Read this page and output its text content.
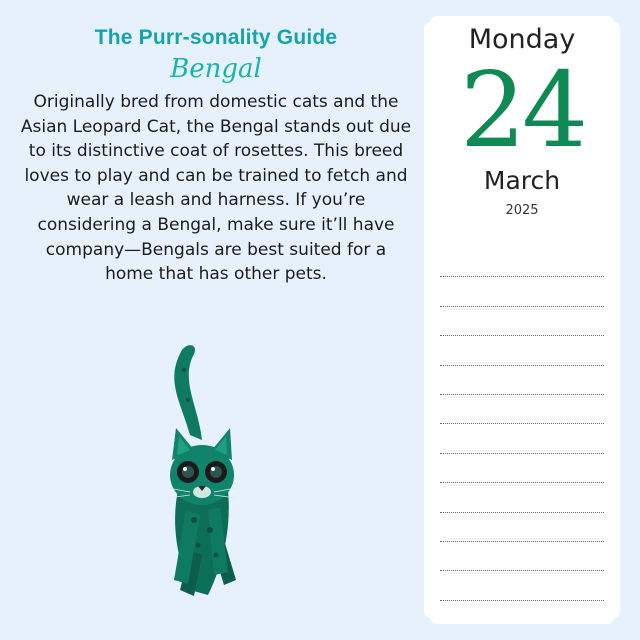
The Purr-sonality Guide
Bengal
Originally bred from domestic cats and the Asian Leopard Cat, the Bengal stands out due to its distinctive coat of rosettes. This breed loves to play and can be trained to fetch and wear a leash and harness. If you’re considering a Bengal, make sure it’ll have company—Bengals are best suited for a home that has other pets.
Monday
24
March
2025
